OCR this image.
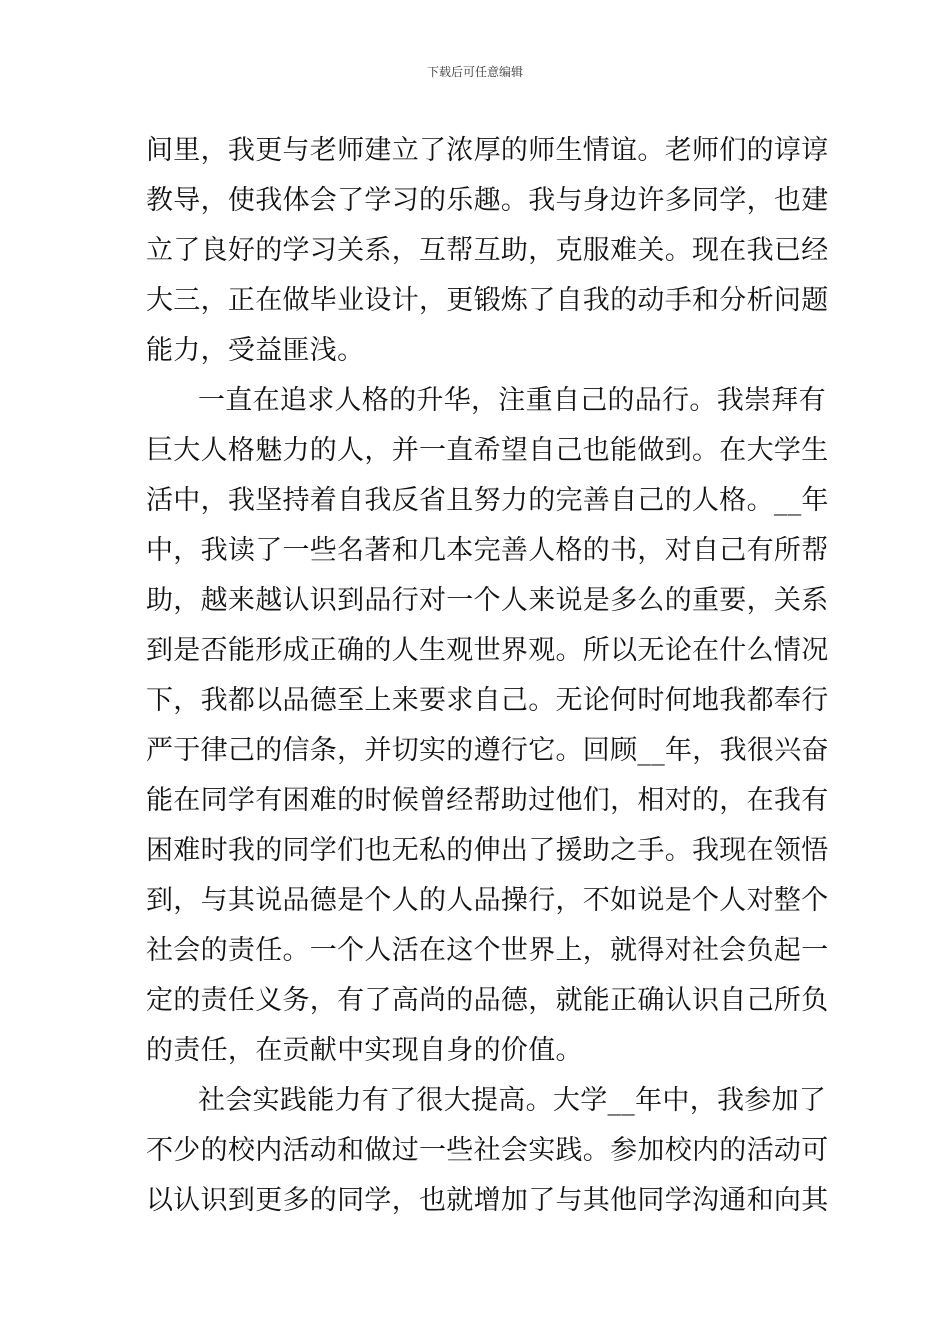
下载后可任意编辑
间里，我更与老师建立了浓厚的师生情谊。老师们的谆谆
教导，使我体会了学习的乐趣。我与身边许多同学，也建
立了良好的学习关系，互帮互助，克服难关。现在我已经
大三，正在做毕业设计，更锻炼了自我的动手和分析问题
能力，受益匪浅。
一直在追求人格的升华，注重自己的品行。我崇拜有
巨大人格魅力的人，并一直希望自己也能做到。在大学生
活中，我坚持着自我反省且努力的完善自己的人格。__年
中，我读了一些名著和几本完善人格的书，对自己有所帮
助，越来越认识到品行对一个人来说是多么的重要，关系
到是否能形成正确的人生观世界观。所以无论在什么情况
下，我都以品德至上来要求自己。无论何时何地我都奉行
严于律己的信条，并切实的遵行它。回顾__年，我很兴奋
能在同学有困难的时候曾经帮助过他们，相对的，在我有
困难时我的同学们也无私的伸出了援助之手。我现在领悟
到，与其说品德是个人的人品操行，不如说是个人对整个
社会的责任。一个人活在这个世界上，就得对社会负起一
定的责任义务，有了高尚的品德，就能正确认识自己所负
的责任，在贡献中实现自身的价值。
社会实践能力有了很大提高。大学__年中，我参加了
不少的校内活动和做过一些社会实践。参加校内的活动可
以认识到更多的同学，也就增加了与其他同学沟通和向其
